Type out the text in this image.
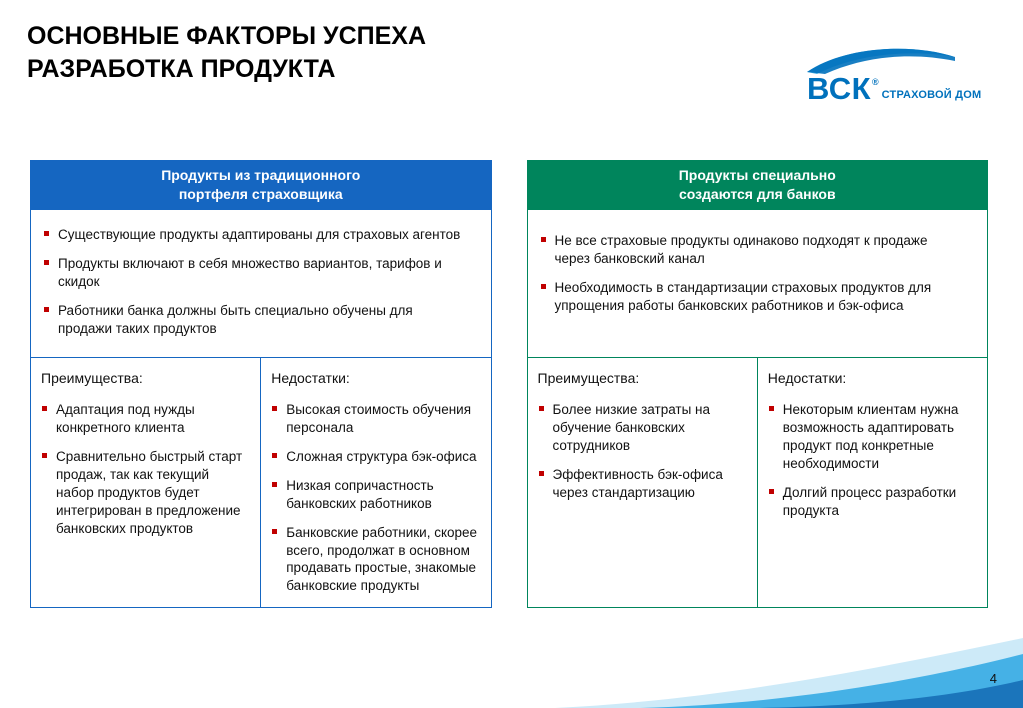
ОСНОВНЫЕ ФАКТОРЫ УСПЕХА
РАЗРАБОТКА ПРОДУКТА
ВСК ®
СТРАХОВОЙ ДОМ
Продукты из традиционного
портфеля страховщика
Существующие продукты адаптированы для страховых агентов
Продукты включают в себя множество вариантов, тарифов и скидок
Работники банка должны быть специально обучены для продажи таких продуктов
Преимущества:
Адаптация под нужды конкретного клиента
Сравнительно быстрый старт продаж, так как текущий набор продуктов будет интегрирован в предложение банковских продуктов
Недостатки:
Высокая стоимость обучения персонала
Сложная структура бэк-офиса
Низкая сопричастность банковских работников
Банковские работники, скорее всего, продолжат в основном продавать простые, знакомые банковские продукты
Продукты специально
создаются для банков
Не все страховые продукты одинаково подходят к продаже через банковский канал
Необходимость в стандартизации страховых продуктов для упрощения работы банковских работников и бэк-офиса
Преимущества:
Более низкие затраты на обучение банковских сотрудников
Эффективность бэк-офиса через стандартизацию
Недостатки:
Некоторым клиентам нужна возможность адаптировать продукт под конкретные необходимости
Долгий процесс разработки продукта
4
